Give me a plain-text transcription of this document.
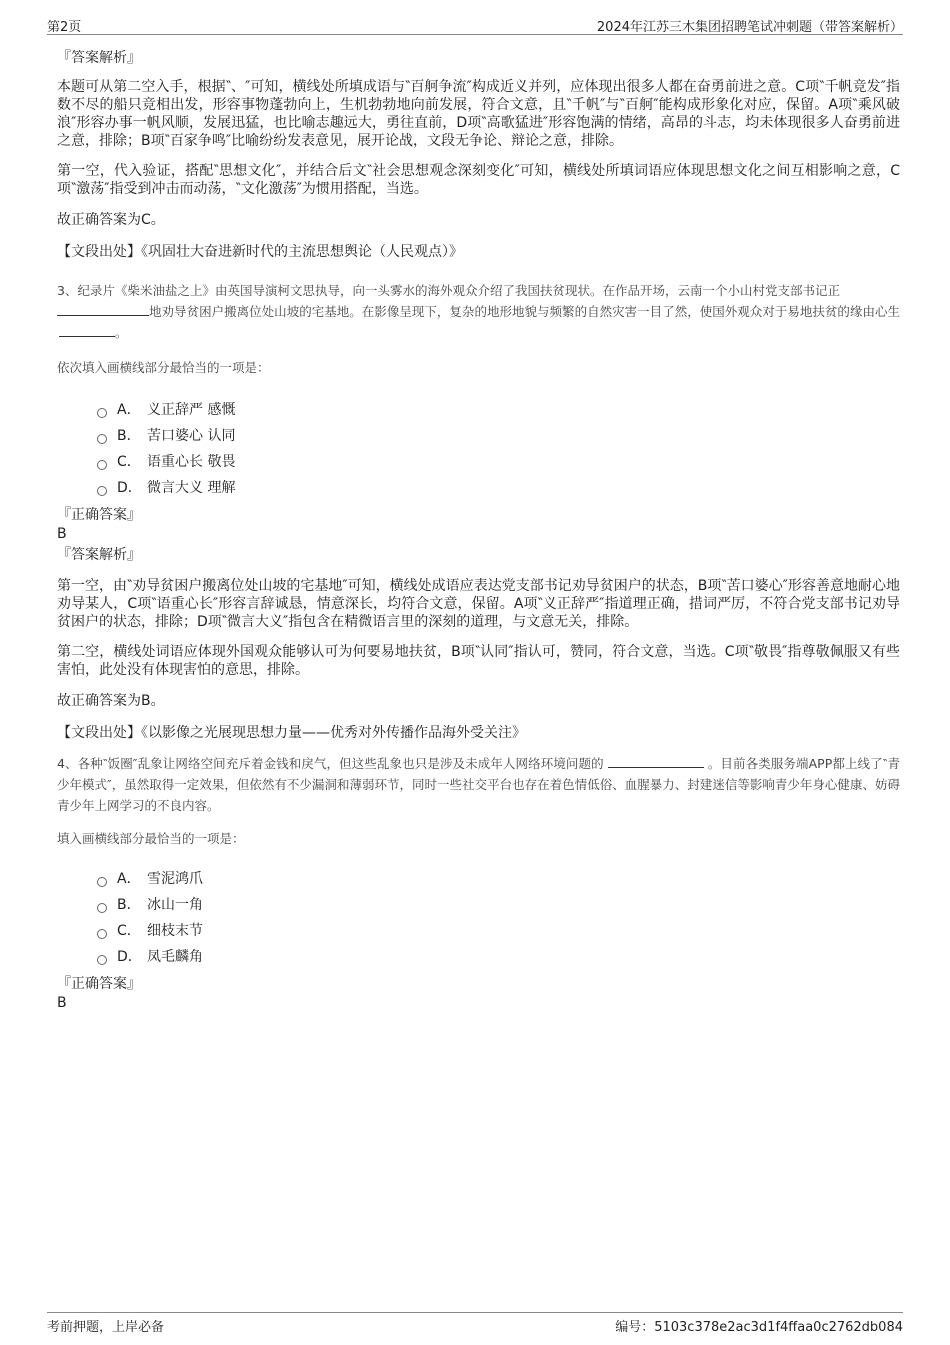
第2页	2024年江苏三木集团招聘笔试冲刺题（带答案解析）
『答案解析』

本题可从第二空入手，根据‶、″可知，横线处所填成语与‶百舸争流″构成近义并列，应体现出很多人都在奋勇前进之意。C项‶千帆竞发″指数不尽的船只竞相出发，形容事物蓬勃向上，生机勃勃地向前发展，符合文意，且‶千帆″与‶百舸″能构成形象化对应，保留。A项‶乘风破浪″形容办事一帆风顺，发展迅猛，也比喻志趣远大，勇往直前，D项‶高歌猛进″形容饱满的情绪，高昂的斗志，均未体现很多人奋勇前进之意，排除；B项‶百家争鸣″比喻纷纷发表意见，展开论战，文段无争论、辩论之意，排除。

第一空，代入验证，搭配‶思想文化″，并结合后文‶社会思想观念深刻变化″可知，横线处所填词语应体现思想文化之间互相影响之意，C项‶激荡″指受到冲击而动荡，‶文化激荡″为惯用搭配，当选。

故正确答案为C。
【文段出处】《巩固壮大奋进新时代的主流思想舆论（人民观点）》

3、纪录片《柴米油盐之上》由英国导演柯文思执导，向一头雾水的海外观众介绍了我国扶贫现状。在作品开场，云南一个小山村党支部书记正
地劝导贫困户搬离位处山坡的宅基地。在影像呈现下，复杂的地形地貌与频繁的自然灾害一目了然，使国外观众对于易地扶贫的缘由心生。

依次填入画横线部分最恰当的一项是：
A． 义正辞严 感慨
B． 苦口婆心 认同
C． 语重心长 敬畏
D． 微言大义 理解
『正确答案』
B
『答案解析』

第一空，由‶劝导贫困户搬离位处山坡的宅基地″可知，横线处成语应表达党支部书记劝导贫困户的状态，B项‶苦口婆心″形容善意地耐心地劝导某人，C项‶语重心长″形容言辞诚恳，情意深长，均符合文意，保留。A项‶义正辞严″指道理正确，措词严厉，不符合党支部书记劝导贫困户的状态，排除；D项‶微言大义″指包含在精微语言里的深刻的道理，与文意无关，排除。

第二空，横线处词语应体现外国观众能够认可为何要易地扶贫，B项‶认同″指认可，赞同，符合文意，当选。C项‶敬畏″指尊敬佩服又有些害怕，此处没有体现害怕的意思，排除。

故正确答案为B。
【文段出处】《以影像之光展现思想力量——优秀对外传播作品海外受关注》

4、各种‶饭圈″乱象让网络空间充斥着金钱和戾气，但这些乱象也只是涉及未成年人网络环境问题的	。目前各类服务端APP都上线了‶青少年模式″，虽然取得一定效果，但依然有不少漏洞和薄弱环节，同时一些社交平台也存在着色情低俗、血腥暴力、封建迷信等影响青少年身心健康、妨碍青少年上网学习的不良内容。

填入画横线部分最恰当的一项是：
A． 雪泥鸿爪
B． 冰山一角
C． 细枝末节
D． 凤毛麟角
『正确答案』
B
考前押题，上岸必备	编号：5103c378e2ac3d1f4ffaa0c2762db084
